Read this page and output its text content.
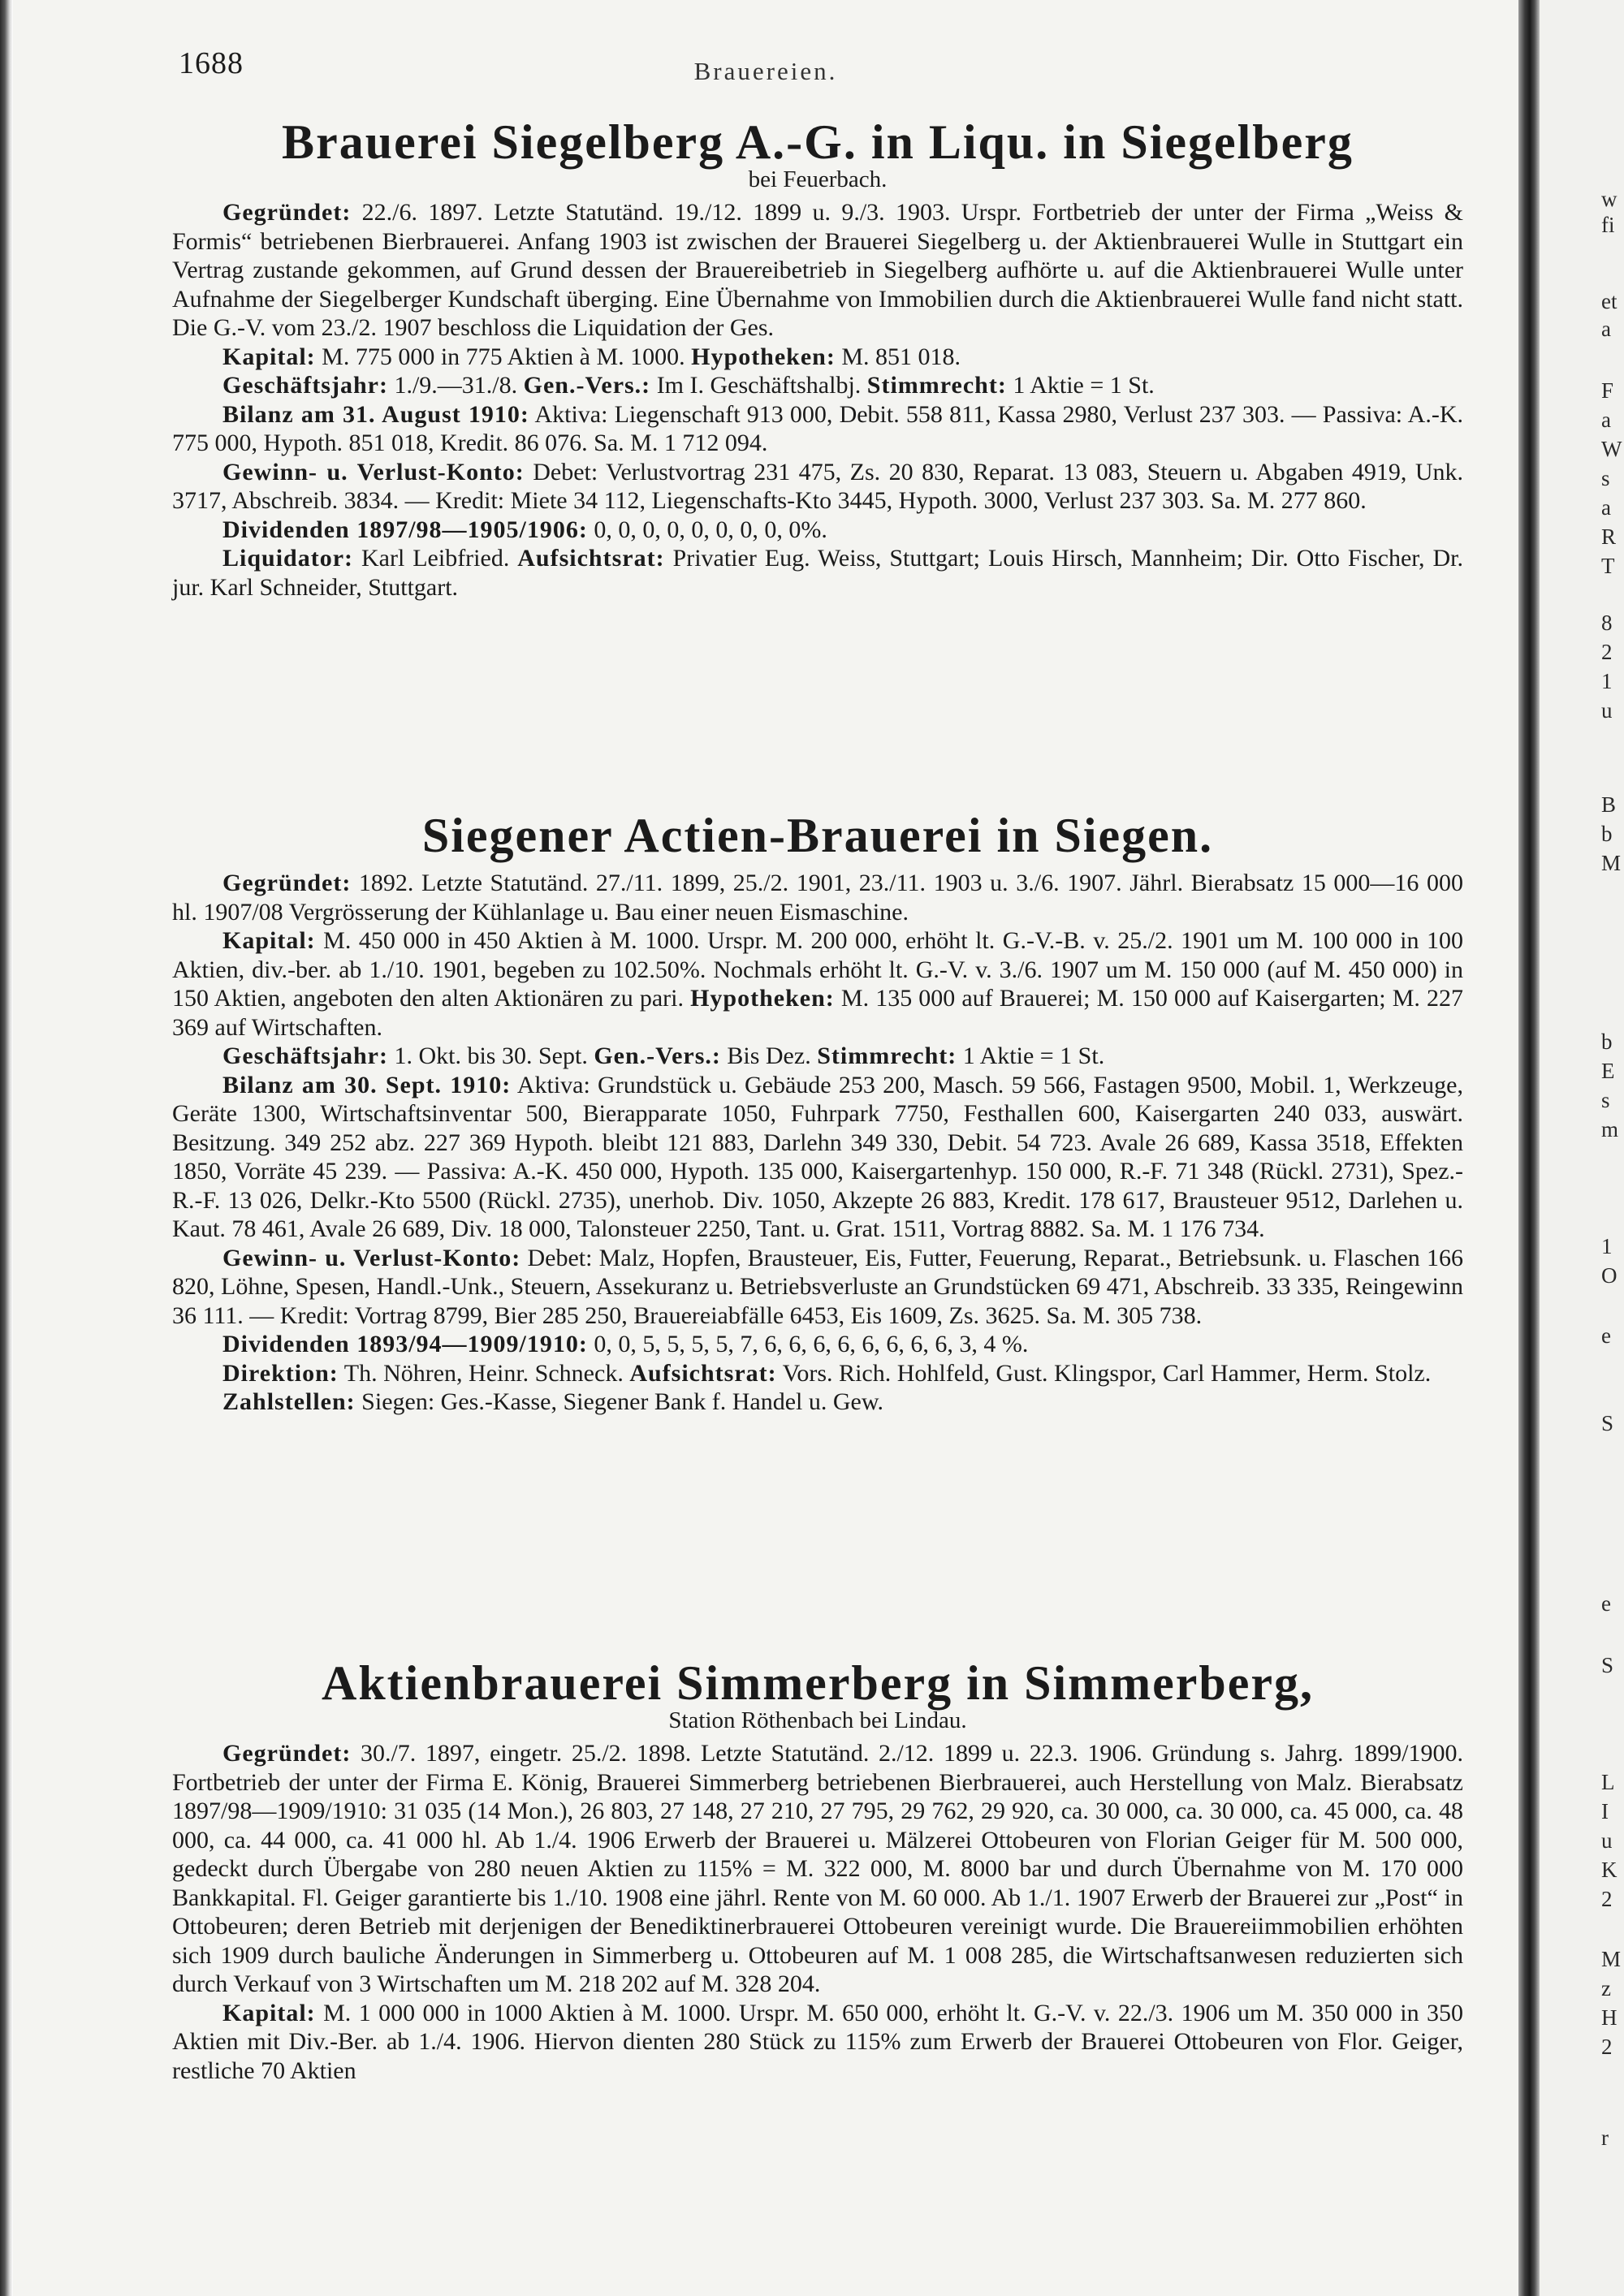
1688	Brauereien.
Brauerei Siegelberg A.-G. in Liqu. in Siegelberg
bei Feuerbach.

Gegründet: 22./6. 1897. Letzte Statutänd. 19./12. 1899 u. 9./3. 1903. Urspr. Fortbetrieb der unter der Firma „Weiss & Formis“ betriebenen Bierbrauerei. Anfang 1903 ist zwischen der Brauerei Siegelberg u. der Aktienbrauerei Wulle in Stuttgart ein Vertrag zustande gekommen, auf Grund dessen der Brauereibetrieb in Siegelberg aufhörte u. auf die Aktienbrauerei Wulle unter Aufnahme der Siegelberger Kundschaft überging. Eine Übernahme von Immobilien durch die Aktienbrauerei Wulle fand nicht statt. Die G.-V. vom 23./2. 1907 beschloss die Liquidation der Ges.

Kapital: M. 775 000 in 775 Aktien à M. 1000. Hypotheken: M. 851 018.

Geschäftsjahr: 1./9.—31./8. Gen.-Vers.: Im I. Geschäftshalbj. Stimmrecht: 1 Aktie = 1 St.

Bilanz am 31. August 1910: Aktiva: Liegenschaft 913 000, Debit. 558 811, Kassa 2980, Verlust 237 303. — Passiva: A.-K. 775 000, Hypoth. 851 018, Kredit. 86 076. Sa. M. 1 712 094.

Gewinn- u. Verlust-Konto: Debet: Verlustvortrag 231 475, Zs. 20 830, Reparat. 13 083, Steuern u. Abgaben 4919, Unk. 3717, Abschreib. 3834. — Kredit: Miete 34 112, Liegenschafts-Kto 3445, Hypoth. 3000, Verlust 237 303. Sa. M. 277 860.

Dividenden 1897/98—1905/1906: 0, 0, 0, 0, 0, 0, 0, 0, 0%.

Liquidator: Karl Leibfried. Aufsichtsrat: Privatier Eug. Weiss, Stuttgart; Louis Hirsch, Mannheim; Dir. Otto Fischer, Dr. jur. Karl Schneider, Stuttgart.

Siegener Actien-Brauerei in Siegen.

Gegründet: 1892. Letzte Statutänd. 27./11. 1899, 25./2. 1901, 23./11. 1903 u. 3./6. 1907. Jährl. Bierabsatz 15 000—16 000 hl. 1907/08 Vergrösserung der Kühlanlage u. Bau einer neuen Eismaschine.

Kapital: M. 450 000 in 450 Aktien à M. 1000. Urspr. M. 200 000, erhöht lt. G.-V.-B. v. 25./2. 1901 um M. 100 000 in 100 Aktien, div.-ber. ab 1./10. 1901, begeben zu 102.50%. Nochmals erhöht lt. G.-V. v. 3./6. 1907 um M. 150 000 (auf M. 450 000) in 150 Aktien, angeboten den alten Aktionären zu pari. Hypotheken: M. 135 000 auf Brauerei; M. 150 000 auf Kaisergarten; M. 227 369 auf Wirtschaften.

Geschäftsjahr: 1. Okt. bis 30. Sept. Gen.-Vers.: Bis Dez. Stimmrecht: 1 Aktie = 1 St.

Bilanz am 30. Sept. 1910: Aktiva: Grundstück u. Gebäude 253 200, Masch. 59 566, Fastagen 9500, Mobil. 1, Werkzeuge, Geräte 1300, Wirtschaftsinventar 500, Bierapparate 1050, Fuhrpark 7750, Festhallen 600, Kaisergarten 240 033, auswärt. Besitzung. 349 252 abz. 227 369 Hypoth. bleibt 121 883, Darlehn 349 330, Debit. 54 723. Avale 26 689, Kassa 3518, Effekten 1850, Vorräte 45 239. — Passiva: A.-K. 450 000, Hypoth. 135 000, Kaisergartenhyp. 150 000, R.-F. 71 348 (Rückl. 2731), Spez.-R.-F. 13 026, Delkr.-Kto 5500 (Rückl. 2735), unerhob. Div. 1050, Akzepte 26 883, Kredit. 178 617, Brausteuer 9512, Darlehen u. Kaut. 78 461, Avale 26 689, Div. 18 000, Talonsteuer 2250, Tant. u. Grat. 1511, Vortrag 8882. Sa. M. 1 176 734.

Gewinn- u. Verlust-Konto: Debet: Malz, Hopfen, Brausteuer, Eis, Futter, Feuerung, Reparat., Betriebsunk. u. Flaschen 166 820, Löhne, Spesen, Handl.-Unk., Steuern, Assekuranz u. Betriebsverluste an Grundstücken 69 471, Abschreib. 33 335, Reingewinn 36 111. — Kredit: Vortrag 8799, Bier 285 250, Brauereiabfälle 6453, Eis 1609, Zs. 3625. Sa. M. 305 738.

Dividenden 1893/94—1909/1910: 0, 0, 5, 5, 5, 5, 7, 6, 6, 6, 6, 6, 6, 6, 6, 3, 4 %.

Direktion: Th. Nöhren, Heinr. Schneck. Aufsichtsrat: Vors. Rich. Hohlfeld, Gust. Klingspor, Carl Hammer, Herm. Stolz.

Zahlstellen: Siegen: Ges.-Kasse, Siegener Bank f. Handel u. Gew.

Aktienbrauerei Simmerberg in Simmerberg,
Station Röthenbach bei Lindau.

Gegründet: 30./7. 1897, eingetr. 25./2. 1898. Letzte Statutänd. 2./12. 1899 u. 22.3. 1906. Gründung s. Jahrg. 1899/1900. Fortbetrieb der unter der Firma E. König, Brauerei Simmerberg betriebenen Bierbrauerei, auch Herstellung von Malz. Bierabsatz 1897/98—1909/1910: 31 035 (14 Mon.), 26 803, 27 148, 27 210, 27 795, 29 762, 29 920, ca. 30 000, ca. 30 000, ca. 45 000, ca. 48 000, ca. 44 000, ca. 41 000 hl. Ab 1./4. 1906 Erwerb der Brauerei u. Mälzerei Ottobeuren von Florian Geiger für M. 500 000, gedeckt durch Übergabe von 280 neuen Aktien zu 115% = M. 322 000, M. 8000 bar und durch Übernahme von M. 170 000 Bankkapital. Fl. Geiger garantierte bis 1./10. 1908 eine jährl. Rente von M. 60 000. Ab 1./1. 1907 Erwerb der Brauerei zur „Post“ in Ottobeuren; deren Betrieb mit derjenigen der Benediktinerbrauerei Ottobeuren vereinigt wurde. Die Brauereiimmobilien erhöhten sich 1909 durch bauliche Änderungen in Simmerberg u. Ottobeuren auf M. 1 008 285, die Wirtschaftsanwesen reduzierten sich durch Verkauf von 3 Wirtschaften um M. 218 202 auf M. 328 204.

Kapital: M. 1 000 000 in 1000 Aktien à M. 1000. Urspr. M. 650 000, erhöht lt. G.-V. v. 22./3. 1906 um M. 350 000 in 350 Aktien mit Div.-Ber. ab 1./4. 1906. Hiervon dienten 280 Stück zu 115% zum Erwerb der Brauerei Ottobeuren von Flor. Geiger, restliche 70 Aktien

w
fi
et
a
F
a
W
s
a
R
T
8
2
1
u
B
b
M
b
E
s
m
1
O
e
S
e
S
L
I
u
K
2
M
z
H
2
r
